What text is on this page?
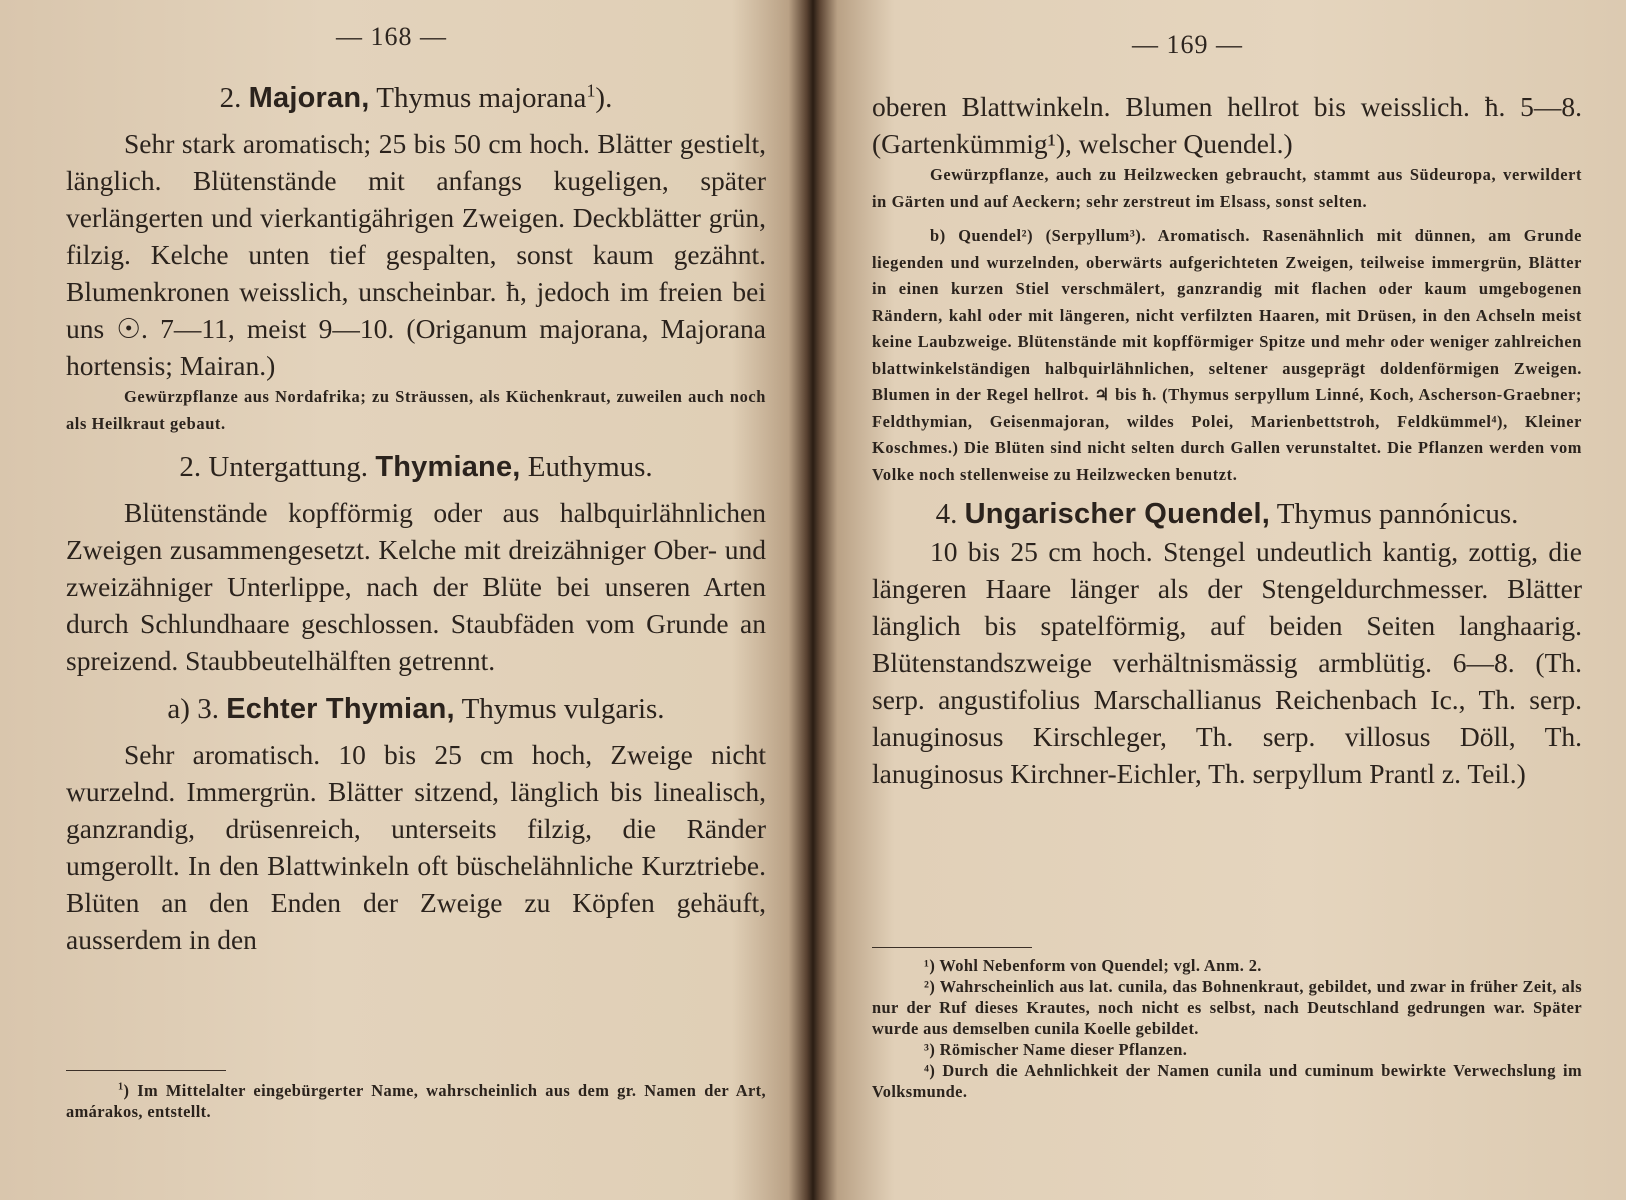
— 168 —

2. Majoran, Thymus majorana$^1$).

Sehr stark aromatisch; 25 bis 50 cm hoch. Blätter gestielt, länglich. Blütenstände mit anfangs kugeligen, später verlängerten und vierkantigährigen Zweigen. Deckblätter grün, filzig. Kelche unten tief gespalten, sonst kaum gezähnt. Blumenkronen weisslich, unscheinbar. ħ, jedoch im freien bei uns ☉. 7—11, meist 9—10. (Origanum majorana, Majorana hortensis; Mairan.)

Gewürzpflanze aus Nordafrika; zu Sträussen, als Küchenkraut, zuweilen auch noch als Heilkraut gebaut.

2. Untergattung. Thymiane, Euthymus.

Blütenstände kopfförmig oder aus halbquirlähnlichen Zweigen zusammengesetzt. Kelche mit dreizähniger Ober- und zweizähniger Unterlippe, nach der Blüte bei unseren Arten durch Schlundhaare geschlossen. Staubfäden vom Grunde an spreizend. Staubbeutelhälften getrennt.

a) 3. Echter Thymian, Thymus vulgaris.

Sehr aromatisch. 10 bis 25 cm hoch, Zweige nicht wurzelnd. Immergrün. Blätter sitzend, länglich bis linealisch, ganzrandig, drüsenreich, unterseits filzig, die Ränder umgerollt. In den Blattwinkeln oft büschelähnliche Kurztriebe. Blüten an den Enden der Zweige zu Köpfen gehäuft, ausserdem in den

$^1$) Im Mittelalter eingebürgerter Name, wahrscheinlich aus dem gr. Namen der Art, amárakos, entstellt.

— 169 —

oberen Blattwinkeln. Blumen hellrot bis weisslich. ħ. 5—8. (Gartenkümmig¹), welscher Quendel.)

Gewürzpflanze, auch zu Heilzwecken gebraucht, stammt aus Südeuropa, verwildert in Gärten und auf Aeckern; sehr zerstreut im Elsass, sonst selten.

b) Quendel²) (Serpyllum³). Aromatisch. Rasenähnlich mit dünnen, am Grunde liegenden und wurzelnden, oberwärts aufgerichteten Zweigen, teilweise immergrün, Blätter in einen kurzen Stiel verschmälert, ganzrandig mit flachen oder kaum umgebogenen Rändern, kahl oder mit längeren, nicht verfilzten Haaren, mit Drüsen, in den Achseln meist keine Laubzweige. Blütenstände mit kopfförmiger Spitze und mehr oder weniger zahlreichen blattwinkelständigen halbquirlähnlichen, seltener ausgeprägt doldenförmigen Zweigen. Blumen in der Regel hellrot. ♃ bis ħ. (Thymus serpyllum Linné, Koch, Ascherson-Graebner; Feldthymian, Geisenmajoran, wildes Polei, Marienbettstroh, Feldkümmel⁴), Kleiner Koschmes.) Die Blüten sind nicht selten durch Gallen verunstaltet. Die Pflanzen werden vom Volke noch stellenweise zu Heilzwecken benutzt.

4. Ungarischer Quendel, Thymus pannónicus.

10 bis 25 cm hoch. Stengel undeutlich kantig, zottig, die längeren Haare länger als der Stengeldurchmesser. Blätter länglich bis spatelförmig, auf beiden Seiten langhaarig. Blütenstandszweige verhältnismässig armblütig. 6—8. (Th. serp. angustifolius Marschallianus Reichenbach Ic., Th. serp. lanuginosus Kirschleger, Th. serp. villosus Döll, Th. lanuginosus Kirchner-Eichler, Th. serpyllum Prantl z. Teil.)

¹) Wohl Nebenform von Quendel; vgl. Anm. 2.

²) Wahrscheinlich aus lat. cunila, das Bohnenkraut, gebildet, und zwar in früher Zeit, als nur der Ruf dieses Krautes, noch nicht es selbst, nach Deutschland gedrungen war. Später wurde aus demselben cunila Koelle gebildet.

³) Römischer Name dieser Pflanzen.

⁴) Durch die Aehnlichkeit der Namen cunila und cuminum bewirkte Verwechslung im Volksmunde.
